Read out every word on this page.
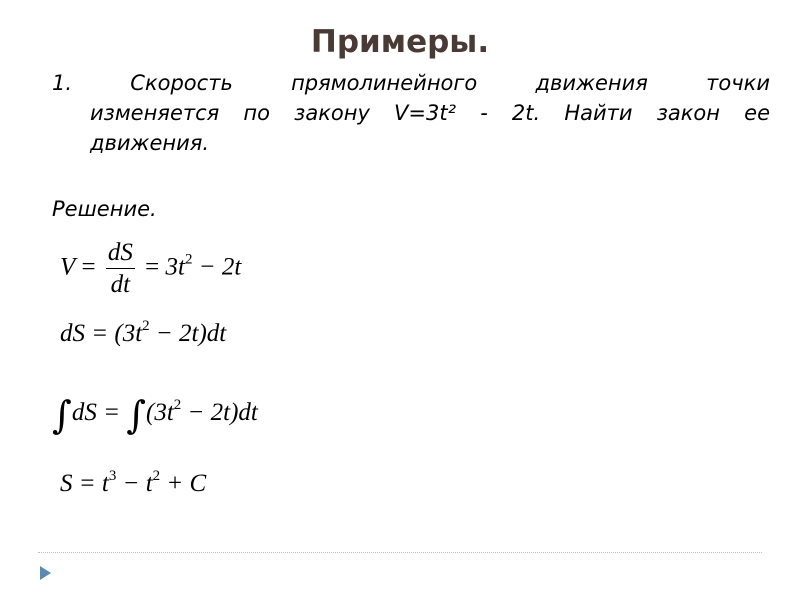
Примеры.
1. Скорость прямолинейного движения точки
изменяется по закону V=3t² - 2t. Найти закон ее
движения.
Решение.
$V = \frac{dS}{dt} = 3t^2 - 2t$
dS = $(3t^2 - 2t)dt$
$\int dS = \int(3t^2 - 2t)dt$
$S = t^3 - t^2 + C$
